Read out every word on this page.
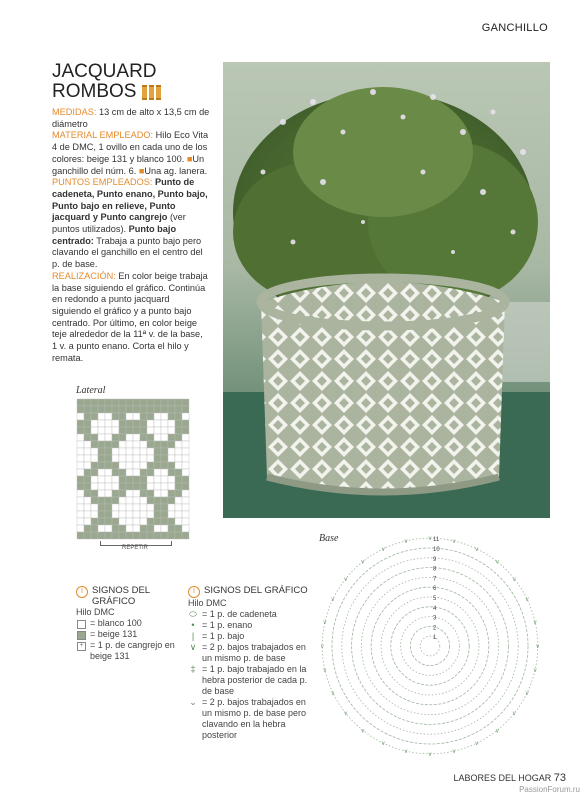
GANCHILLO
JACQUARD
ROMBOS

MEDIDAS: 13 cm de alto x 13,5 cm de diámetro
MATERIAL EMPLEADO: Hilo Eco Vita 4 de DMC, 1 ovillo en cada uno de los colores: beige 131 y blanco 100. ■Un ganchillo del núm. 6. ■Una ag. lanera.
PUNTOS EMPLEADOS: Punto de cadeneta, Punto enano, Punto bajo, Punto bajo en relieve, Punto jacquard y Punto cangrejo (ver puntos utilizados). Punto bajo centrado: Trabaja a punto bajo pero clavando el ganchillo en el centro del p. de base.
REALIZACIÓN: En color beige trabaja la base siguiendo el gráfico. Continúa en redondo a punto jacquard siguiendo el gráfico y a punto bajo centrado. Por último, en color beige teje alrededor de la 11ª v. de la base, 1 v. a punto enano. Corta el hilo y remata.

Lateral
REPETIR
Base
v
v
v
v
v
v
v
v
v
v
v
v
v
v
v
v
v
v
v
v
v	v	v
v
v
v
v
v
11
10
9
8
7
6
5
4
3
2
1
I SIGNOS DEL GRÁFICO
Hilo DMC
= blanco 100
= beige 131
+ = 1 p. de cangrejo en beige 131
I SIGNOS DEL GRÁFICO
Hilo DMC
⬭ = 1 p. de cadeneta
• = 1 p. enano
| = 1 p. bajo
∨ = 2 p. bajos trabajados en un mismo p. de base
‡ = 1 p. bajo trabajado en la hebra posterior de cada p. de base
⌄ = 2 p. bajos trabajados en un mismo p. de base pero clavando en la hebra posterior
LABORES DEL HOGAR 73
PassionForum.ru
